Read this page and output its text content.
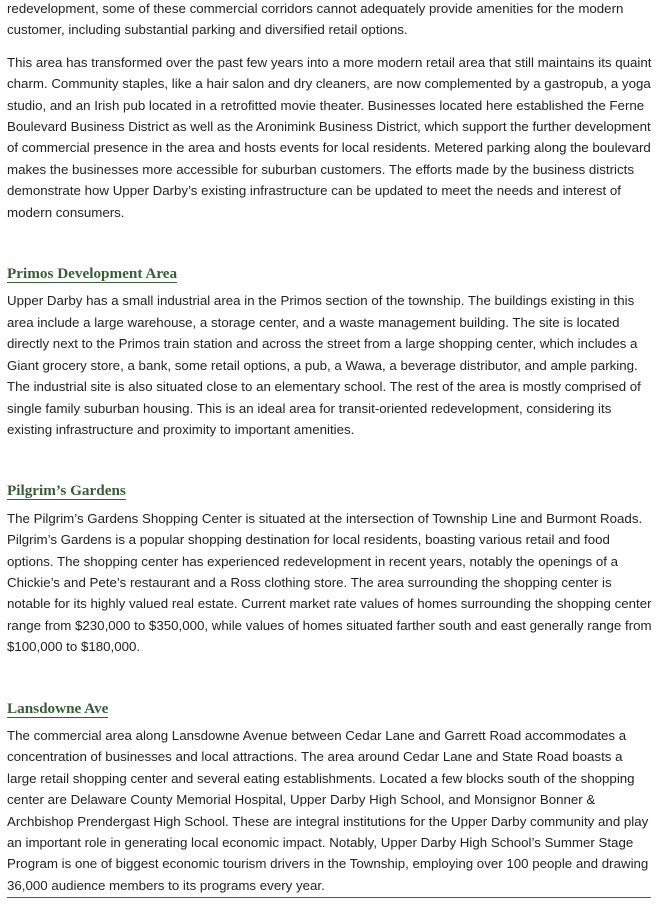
redevelopment, some of these commercial corridors cannot adequately provide amenities for the modern customer, including substantial parking and diversified retail options.

This area has transformed over the past few years into a more modern retail area that still maintains its quaint charm. Community staples, like a hair salon and dry cleaners, are now complemented by a gastropub, a yoga studio, and an Irish pub located in a retrofitted movie theater. Businesses located here established the Ferne Boulevard Business District as well as the Aronimink Business District, which support the further development of commercial presence in the area and hosts events for local residents. Metered parking along the boulevard makes the businesses more accessible for suburban customers. The efforts made by the business districts demonstrate how Upper Darby’s existing infrastructure can be updated to meet the needs and interest of modern consumers.

Primos Development Area

Upper Darby has a small industrial area in the Primos section of the township. The buildings existing in this area include a large warehouse, a storage center, and a waste management building. The site is located directly next to the Primos train station and across the street from a large shopping center, which includes a Giant grocery store, a bank, some retail options, a pub, a Wawa, a beverage distributor, and ample parking. The industrial site is also situated close to an elementary school. The rest of the area is mostly comprised of single family suburban housing. This is an ideal area for transit-oriented redevelopment, considering its existing infrastructure and proximity to important amenities.

Pilgrim’s Gardens

The Pilgrim’s Gardens Shopping Center is situated at the intersection of Township Line and Burmont Roads. Pilgrim’s Gardens is a popular shopping destination for local residents, boasting various retail and food options. The shopping center has experienced redevelopment in recent years, notably the openings of a Chickie’s and Pete’s restaurant and a Ross clothing store. The area surrounding the shopping center is notable for its highly valued real estate. Current market rate values of homes surrounding the shopping center range from $230,000 to $350,000, while values of homes situated farther south and east generally range from $100,000 to $180,000.

Lansdowne Ave

The commercial area along Lansdowne Avenue between Cedar Lane and Garrett Road accommodates a concentration of businesses and local attractions. The area around Cedar Lane and State Road boasts a large retail shopping center and several eating establishments. Located a few blocks south of the shopping center are Delaware County Memorial Hospital, Upper Darby High School, and Monsignor Bonner & Archbishop Prendergast High School. These are integral institutions for the Upper Darby community and play an important role in generating local economic impact. Notably, Upper Darby High School’s Summer Stage Program is one of biggest economic tourism drivers in the Township, employing over 100 people and drawing 36,000 audience members to its programs every year.
